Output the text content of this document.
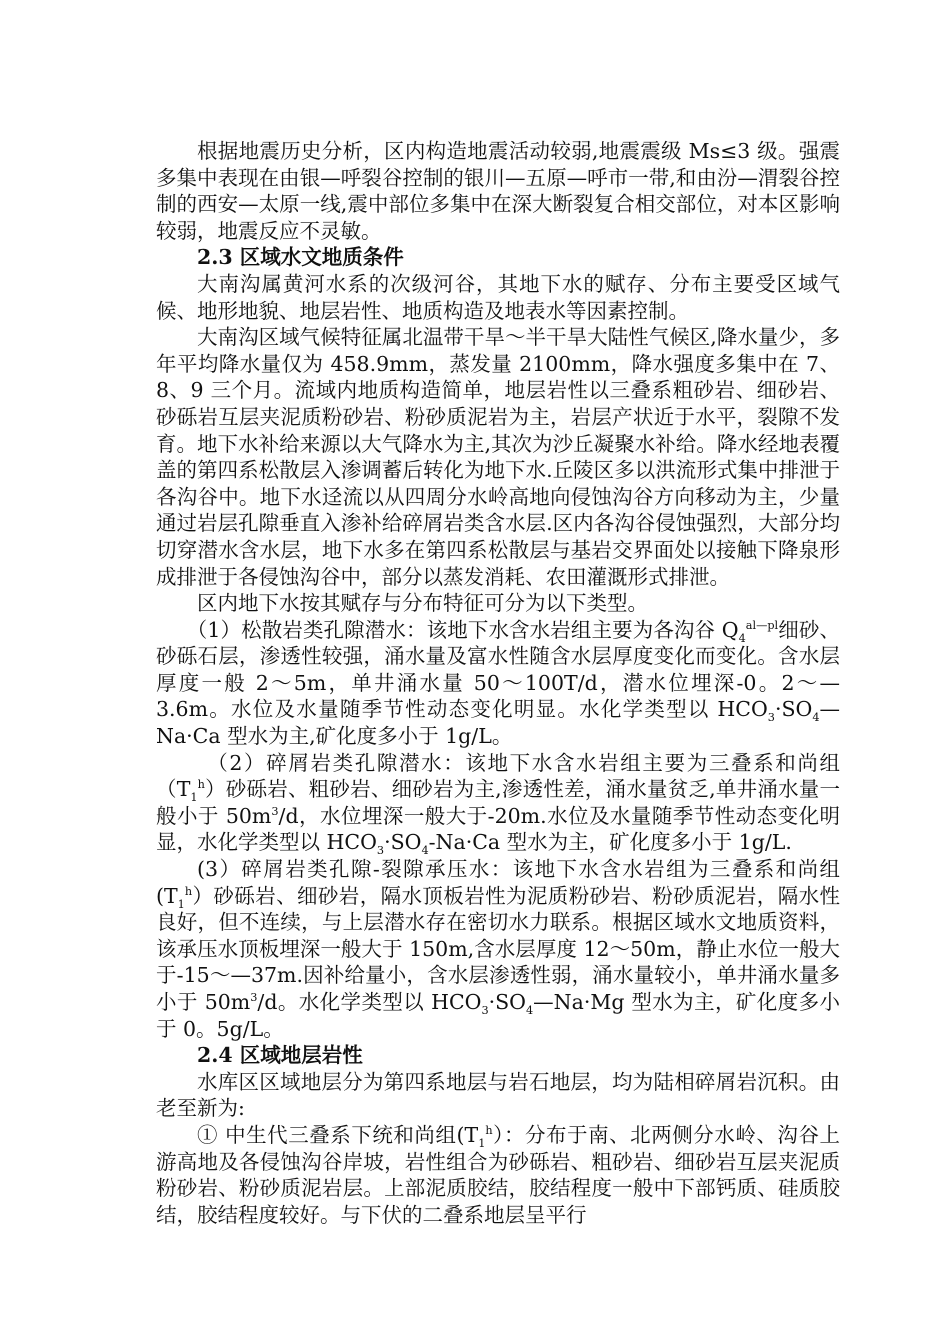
根据地震历史分析，区内构造地震活动较弱,地震震级 Ms≤3 级。强震多集中表现在由银—呼裂谷控制的银川—五原—呼市一带,和由汾—渭裂谷控制的西安—太原一线,震中部位多集中在深大断裂复合相交部位，对本区影响较弱，地震反应不灵敏。

2.3 区域水文地质条件

大南沟属黄河水系的次级河谷，其地下水的赋存、分布主要受区域气候、地形地貌、地层岩性、地质构造及地表水等因素控制。

大南沟区域气候特征属北温带干旱～半干旱大陆性气候区,降水量少，多年平均降水量仅为 458.9mm，蒸发量 2100mm，降水强度多集中在 7、8、9 三个月。流域内地质构造简单，地层岩性以三叠系粗砂岩、细砂岩、砂砾岩互层夹泥质粉砂岩、粉砂质泥岩为主，岩层产状近于水平，裂隙不发育。地下水补给来源以大气降水为主,其次为沙丘凝聚水补给。降水经地表覆盖的第四系松散层入渗调蓄后转化为地下水.丘陵区多以洪流形式集中排泄于各沟谷中。地下水迳流以从四周分水岭高地向侵蚀沟谷方向移动为主，少量通过岩层孔隙垂直入渗补给碎屑岩类含水层.区内各沟谷侵蚀强烈，大部分均切穿潜水含水层，地下水多在第四系松散层与基岩交界面处以接触下降泉形成排泄于各侵蚀沟谷中，部分以蒸发消耗、农田灌溉形式排泄。

区内地下水按其赋存与分布特征可分为以下类型。

（1）松散岩类孔隙潜水：该地下水含水岩组主要为各沟谷 $Q_4^{al—pl}$细砂、砂砾石层，渗透性较强，涌水量及富水性随含水层厚度变化而变化。含水层厚度一般 2～5m，单井涌水量 50～100T/d，潜水位埋深-0。2～—3.6m。水位及水量随季节性动态变化明显。水化学类型以 $HCO_3\cdot SO_4—Na\cdot Ca$ 型水为主,矿化度多小于 1g/L。

（2）碎屑岩类孔隙潜水：该地下水含水岩组主要为三叠系和尚组$(T_1^h)$砂砾岩、粗砂岩、细砂岩为主,渗透性差，涌水量贫乏,单井涌水量一般小于 $50m^3/d$，水位埋深一般大于-20m.水位及水量随季节性动态变化明显，水化学类型以 $HCO_3\cdot SO_4-Na\cdot Ca$ 型水为主，矿化度多小于 1g/L.

(3）碎屑岩类孔隙-裂隙承压水：该地下水含水岩组为三叠系和尚组$(T_1^h)$砂砾岩、细砂岩，隔水顶板岩性为泥质粉砂岩、粉砂质泥岩，隔水性良好，但不连续，与上层潜水存在密切水力联系。根据区域水文地质资料，该承压水顶板埋深一般大于 150m,含水层厚度 12～50m，静止水位一般大于-15～—37m.因补给量小，含水层渗透性弱，涌水量较小，单井涌水量多小于 $50m^3/d$。水化学类型以 $HCO_3\cdot SO_4—Na\cdot Mg$ 型水为主，矿化度多小于 0。5g/L。

2.4 区域地层岩性

水库区区域地层分为第四系地层与岩石地层，均为陆相碎屑岩沉积。由老至新为:

① 中生代三叠系下统和尚组$(T_1^h)$：分布于南、北两侧分水岭、沟谷上游高地及各侵蚀沟谷岸坡，岩性组合为砂砾岩、粗砂岩、细砂岩互层夹泥质粉砂岩、粉砂质泥岩层。上部泥质胶结，胶结程度一般中下部钙质、硅质胶结，胶结程度较好。与下伏的二叠系地层呈平行
